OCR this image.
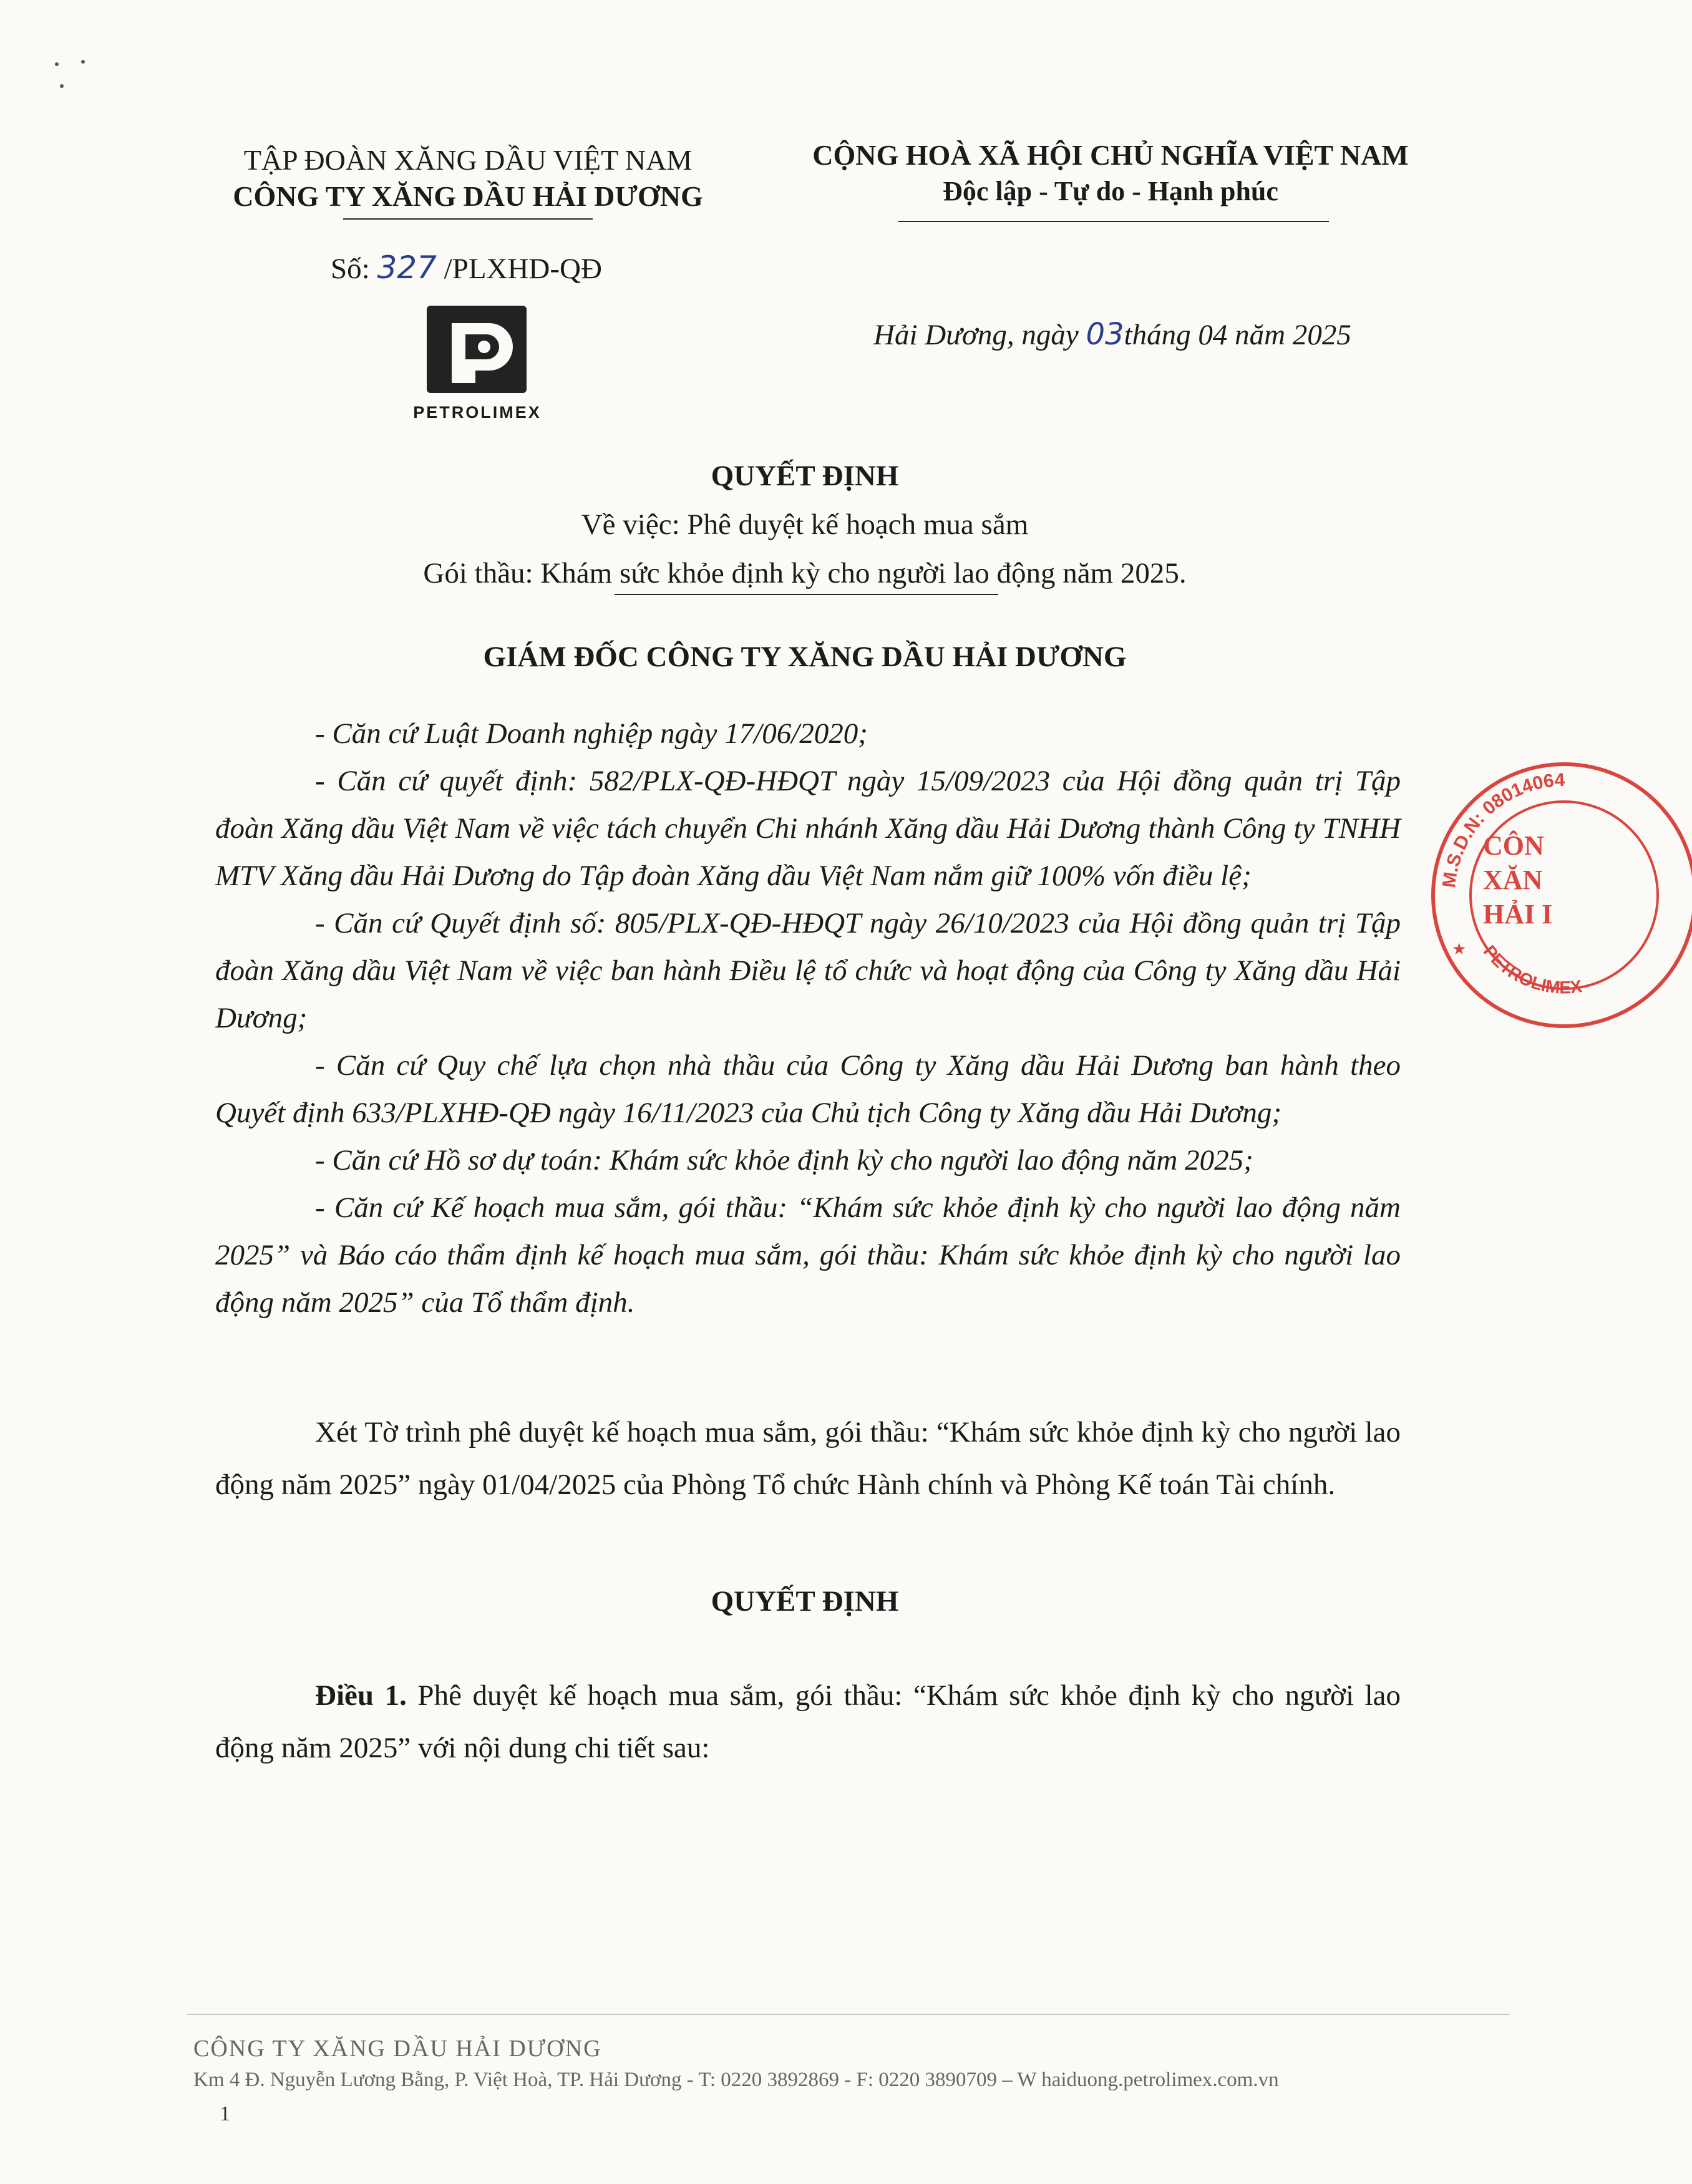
TẬP ĐOÀN XĂNG DẦU VIỆT NAM
CÔNG TY XĂNG DẦU HẢI DƯƠNG
CỘNG HOÀ XÃ HỘI CHỦ NGHĨA VIỆT NAM
Độc lập - Tự do - Hạnh phúc
Số: 327 /PLXHD-QĐ
PETROLIMEX
Hải Dương, ngày 03tháng 04 năm 2025
QUYẾT ĐỊNH
Về việc: Phê duyệt kế hoạch mua sắm
Gói thầu: Khám sức khỏe định kỳ cho người lao động năm 2025.
GIÁM ĐỐC CÔNG TY XĂNG DẦU HẢI DƯƠNG

- Căn cứ Luật Doanh nghiệp ngày 17/06/2020;

- Căn cứ quyết định: 582/PLX-QĐ-HĐQT ngày 15/09/2023 của Hội đồng quản trị Tập đoàn Xăng dầu Việt Nam về việc tách chuyển Chi nhánh Xăng dầu Hải Dương thành Công ty TNHH MTV Xăng dầu Hải Dương do Tập đoàn Xăng dầu Việt Nam nắm giữ 100% vốn điều lệ;

- Căn cứ Quyết định số: 805/PLX-QĐ-HĐQT ngày 26/10/2023 của Hội đồng quản trị Tập đoàn Xăng dầu Việt Nam về việc ban hành Điều lệ tổ chức và hoạt động của Công ty Xăng dầu Hải Dương;

- Căn cứ Quy chế lựa chọn nhà thầu của Công ty Xăng dầu Hải Dương ban hành theo Quyết định 633/PLXHĐ-QĐ ngày 16/11/2023 của Chủ tịch Công ty Xăng dầu Hải Dương;

- Căn cứ Hồ sơ dự toán: Khám sức khỏe định kỳ cho người lao động năm 2025;

- Căn cứ Kế hoạch mua sắm, gói thầu: “Khám sức khỏe định kỳ cho người lao động năm 2025” và Báo cáo thẩm định kế hoạch mua sắm, gói thầu: Khám sức khỏe định kỳ cho người lao động năm 2025” của Tổ thẩm định.

Xét Tờ trình phê duyệt kế hoạch mua sắm, gói thầu: “Khám sức khỏe định kỳ cho người lao động năm 2025” ngày 01/04/2025 của Phòng Tổ chức Hành chính và Phòng Kế toán Tài chính.

QUYẾT ĐỊNH

Điều 1. Phê duyệt kế hoạch mua sắm, gói thầu: “Khám sức khỏe định kỳ cho người lao động năm 2025” với nội dung chi tiết sau:

M.S.D.N: 08014064
PETROLIMEX
CÔN
XĂN
HẢI I
★
CÔNG TY XĂNG DẦU HẢI DƯƠNG
Km 4 Đ. Nguyễn Lương Bằng, P. Việt Hoà, TP. Hải Dương - T: 0220 3892869 - F: 0220 3890709 – W haiduong.petrolimex.com.vn
1
